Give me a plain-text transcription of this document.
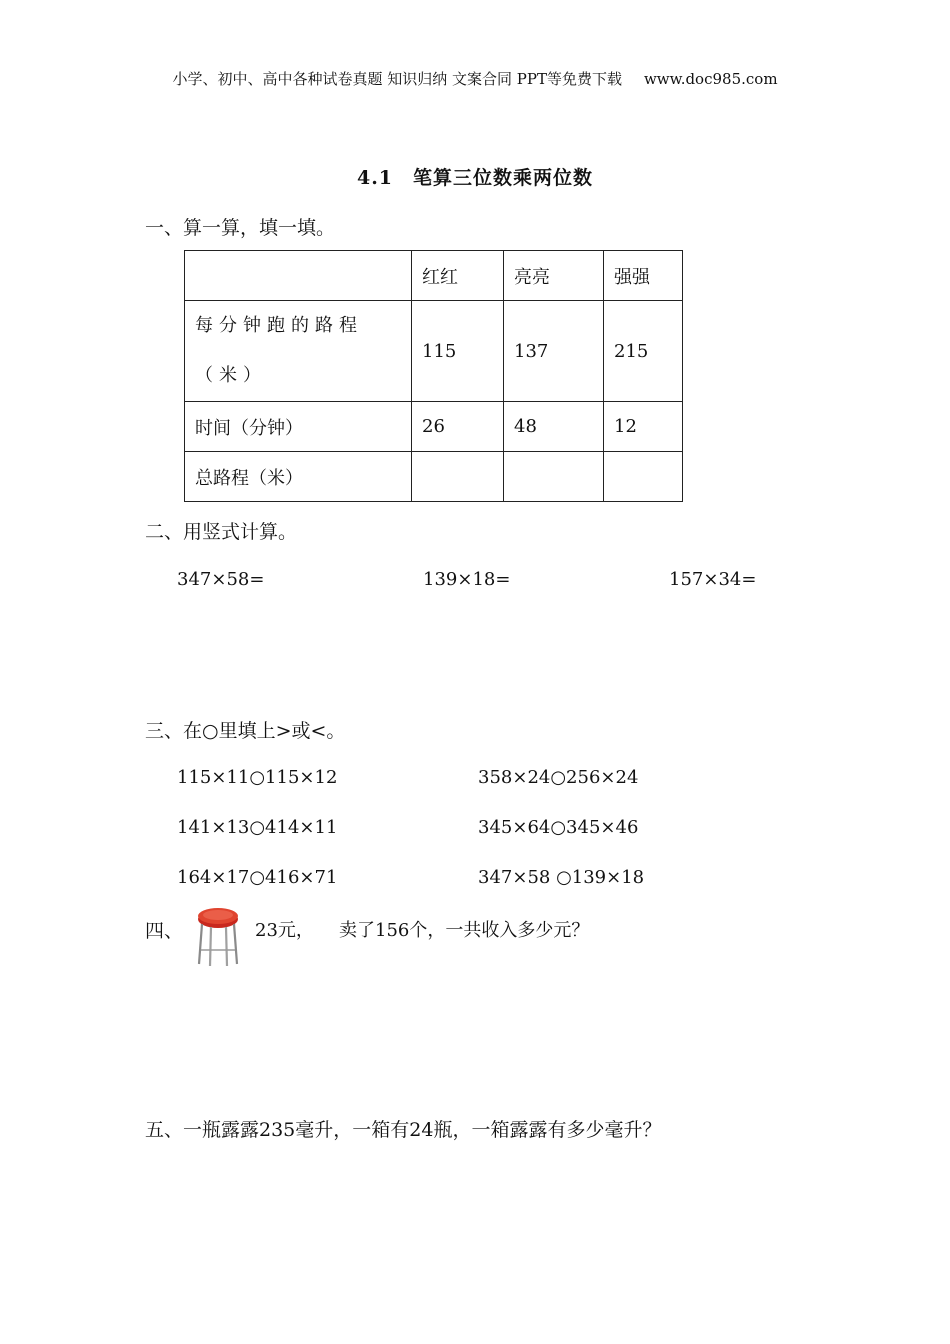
小学、初中、高中各种试卷真题 知识归纳 文案合同 PPT等免费下载 www.doc985.com
4.1　笔算三位数乘两位数
一、算一算，填一填。
	红红	亮亮	强强

每分钟跑的路程（米）	115	137	215
时间（分钟）	26	48	12
总路程（米）			
二、用竖式计算。
347×58=	139×18=	157×34=
三、在○里填上>或<。
115×11○115×12	358×24○256×24
141×13○414×11	345×64○345×46
164×17○416×71	347×58 ○139×18
四、	23元， 卖了156个，一共收入多少元？
五、一瓶露露235毫升，一箱有24瓶，一箱露露有多少毫升？
